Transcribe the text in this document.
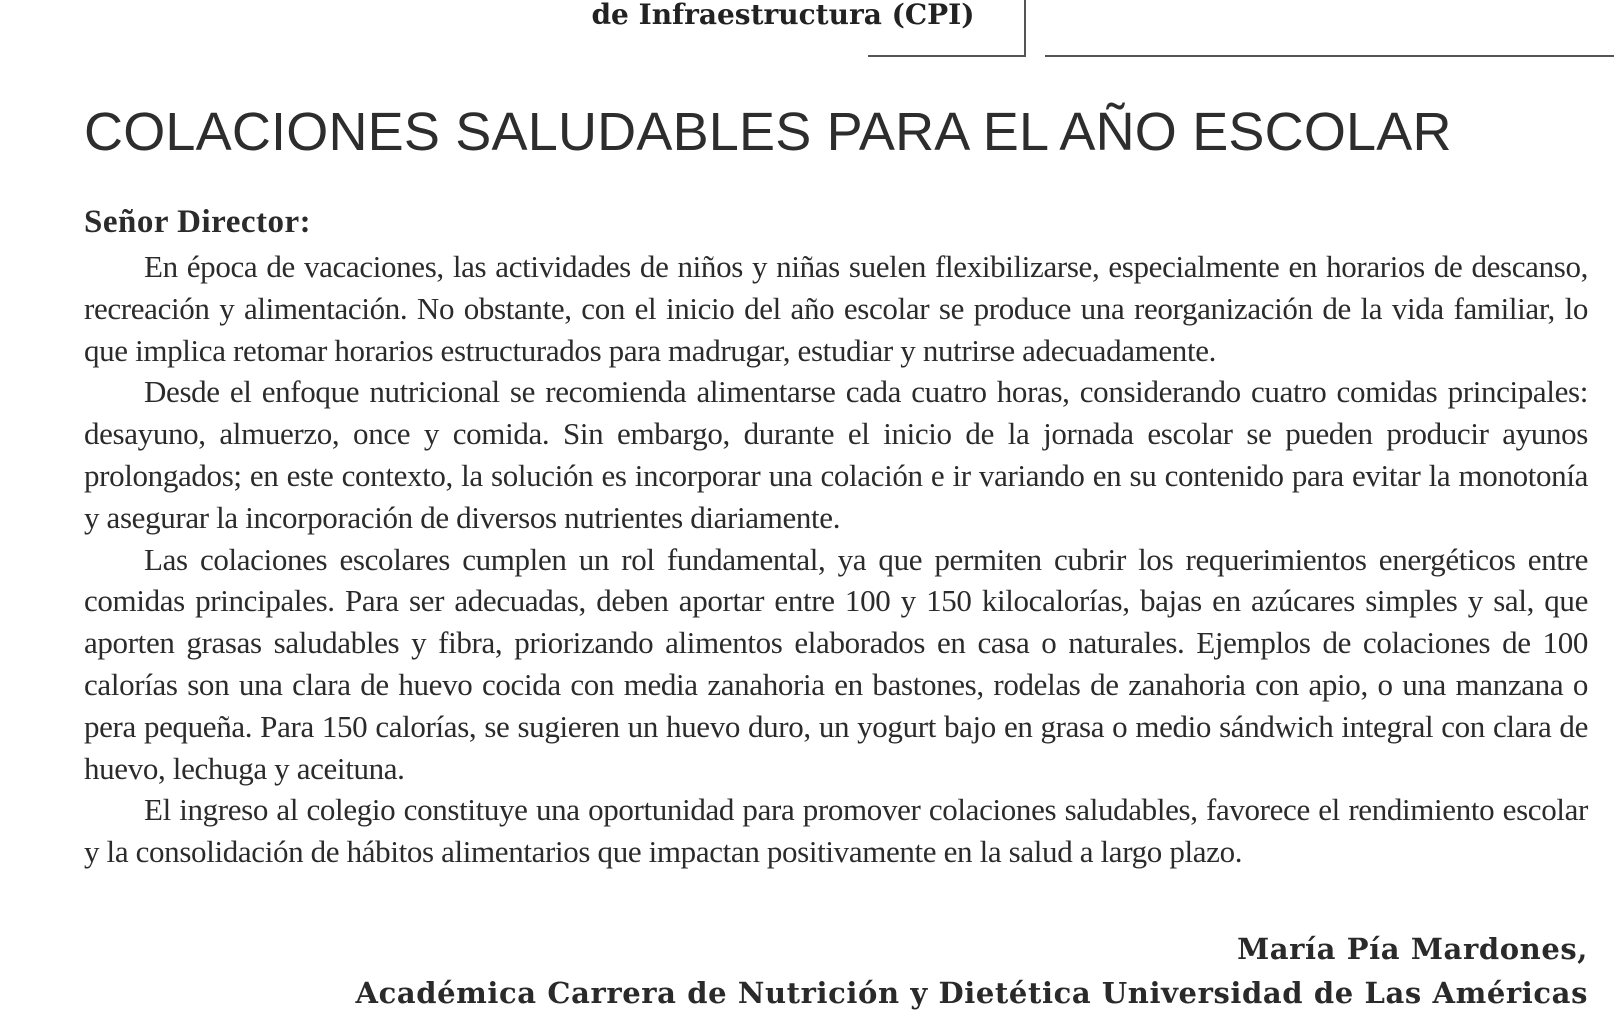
de Infraestructura (CPI)
COLACIONES SALUDABLES PARA EL AÑO ESCOLAR

Señor Director:

En época de vacaciones, las actividades de niños y niñas suelen flexibilizarse, especialmente en horarios de descanso, recreación y alimentación. No obstante, con el inicio del año escolar se produce una reorganización de la vida familiar, lo que implica retomar horarios estructurados para madrugar, estudiar y nutrirse adecuadamente.

Desde el enfoque nutricional se recomienda alimentarse cada cuatro horas, considerando cuatro comidas principales: desayuno, almuerzo, once y comida. Sin embargo, durante el inicio de la jornada escolar se pueden producir ayunos prolongados; en este contexto, la solución es incorporar una colación e ir variando en su contenido para evitar la monotonía y asegurar la incorporación de diversos nutrientes diariamente.

Las colaciones escolares cumplen un rol fundamental, ya que permiten cubrir los requerimientos energéticos entre comidas principales. Para ser adecuadas, deben aportar entre 100 y 150 kilocalorías, bajas en azúcares simples y sal, que aporten grasas saludables y fibra, priorizando alimentos elaborados en casa o naturales. Ejemplos de colaciones de 100 calorías son una clara de huevo cocida con media zanahoria en bastones, rodelas de zanahoria con apio, o una manzana o pera pequeña. Para 150 calorías, se sugieren un huevo duro, un yogurt bajo en grasa o medio sándwich integral con clara de huevo, lechuga y aceituna.

El ingreso al colegio constituye una oportunidad para promover colaciones saludables, favorece el rendimiento escolar y la consolidación de hábitos alimentarios que impactan positivamente en la salud a largo plazo.

María Pía Mardones,
Académica Carrera de Nutrición y Dietética Universidad de Las Américas
